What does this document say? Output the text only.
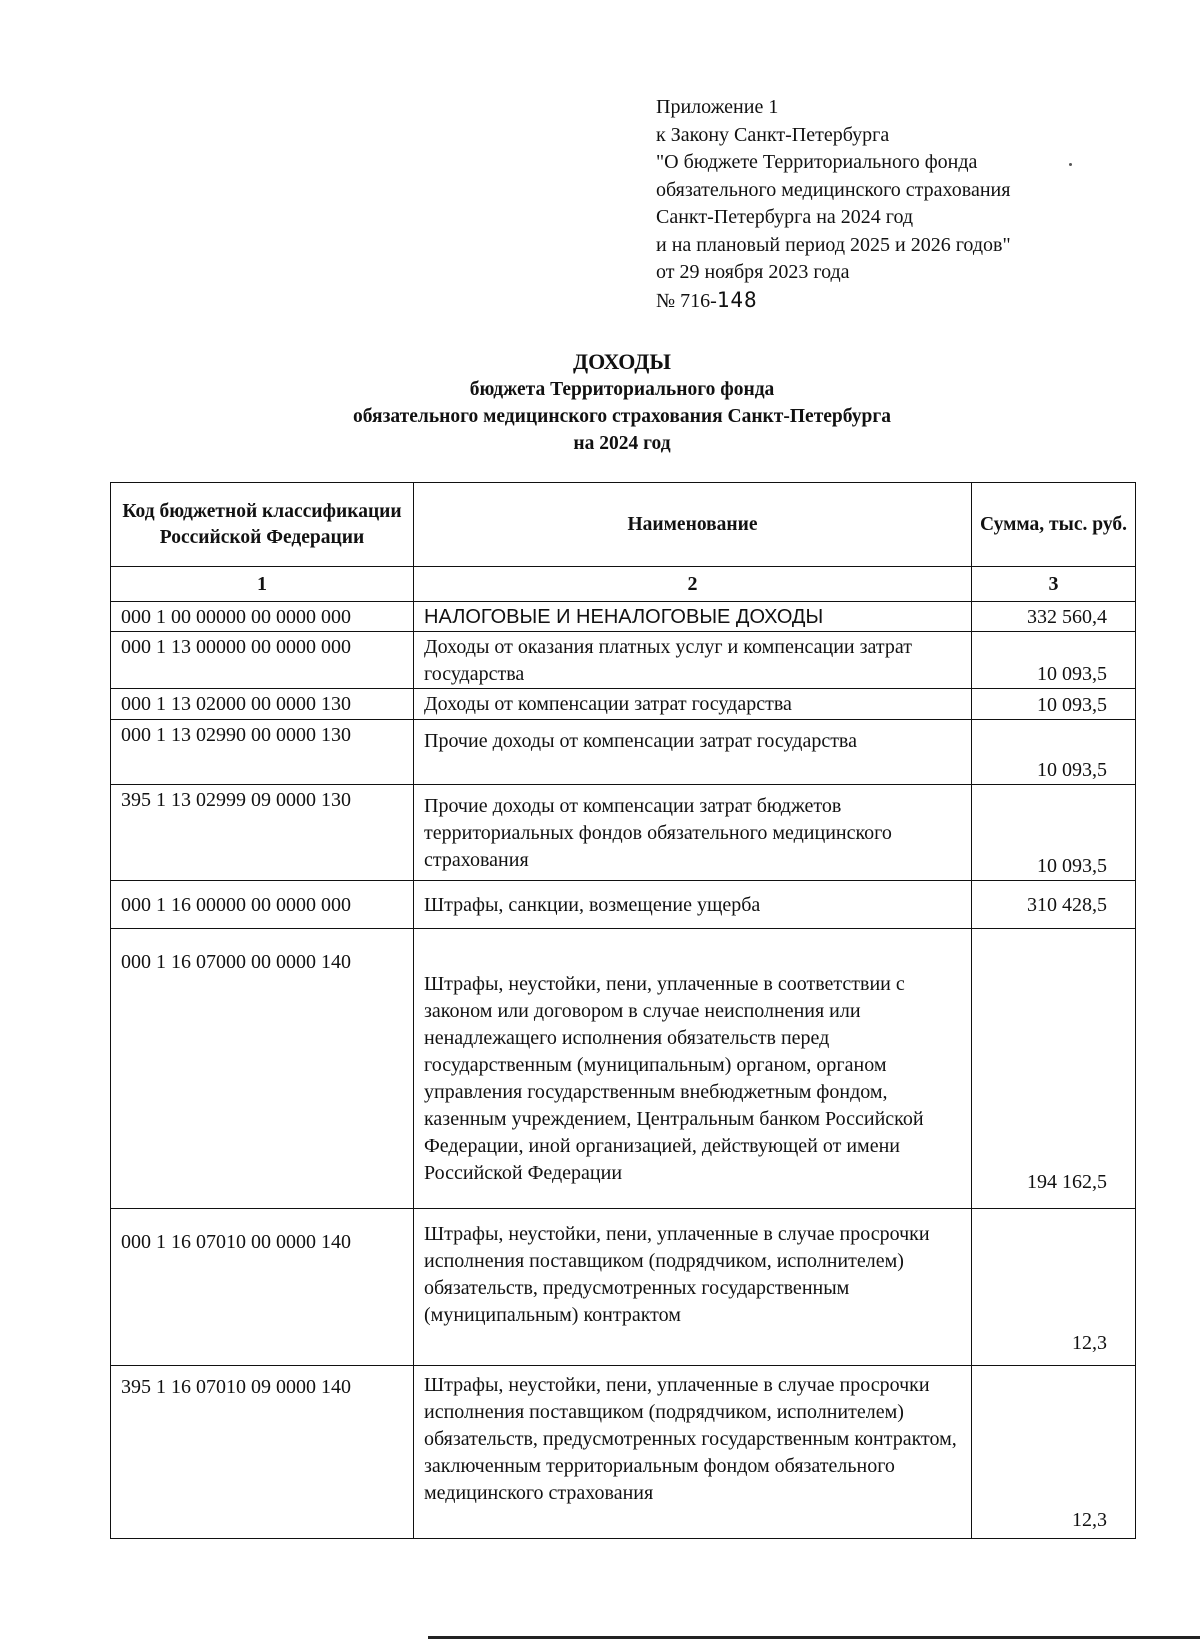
Приложение 1
к Закону Санкт-Петербурга
"О бюджете Территориального фонда
обязательного медицинского страхования
Санкт-Петербурга на 2024 год
и на плановый период 2025 и 2026 годов"
от 29 ноября 2023 года
№ 716-148
ДОХОДЫ
бюджета Территориального фонда
обязательного медицинского страхования Санкт-Петербурга
на 2024 год
Код бюджетной классификации Российской Федерации	Наименование	Сумма, тыс. руб.
1	2	3
000 1 00 00000 00 0000 000	НАЛОГОВЫЕ И НЕНАЛОГОВЫЕ ДОХОДЫ	332 560,4
000 1 13 00000 00 0000 000	Доходы от оказания платных услуг и компенсации затрат государства	10 093,5
000 1 13 02000 00 0000 130	Доходы от компенсации затрат государства	10 093,5
000 1 13 02990 00 0000 130	Прочие доходы от компенсации затрат государства	10 093,5
395 1 13 02999 09 0000 130	Прочие доходы от компенсации затрат бюджетов территориальных фондов обязательного медицинского страхования	10 093,5
000 1 16 00000 00 0000 000	Штрафы, санкции, возмещение ущерба	310 428,5
000 1 16 07000 00 0000 140	Штрафы, неустойки, пени, уплаченные в соответствии с законом или договором в случае неисполнения или ненадлежащего исполнения обязательств перед государственным (муниципальным) органом, органом управления государственным внебюджетным фондом, казенным учреждением, Центральным банком Российской Федерации, иной организацией, действующей от имени Российской Федерации	194 162,5
000 1 16 07010 00 0000 140	Штрафы, неустойки, пени, уплаченные в случае просрочки исполнения поставщиком (подрядчиком, исполнителем) обязательств, предусмотренных государственным (муниципальным) контрактом	12,3
395 1 16 07010 09 0000 140	Штрафы, неустойки, пени, уплаченные в случае просрочки исполнения поставщиком (подрядчиком, исполнителем) обязательств, предусмотренных государственным контрактом, заключенным территориальным фондом обязательного медицинского страхования	12,3
